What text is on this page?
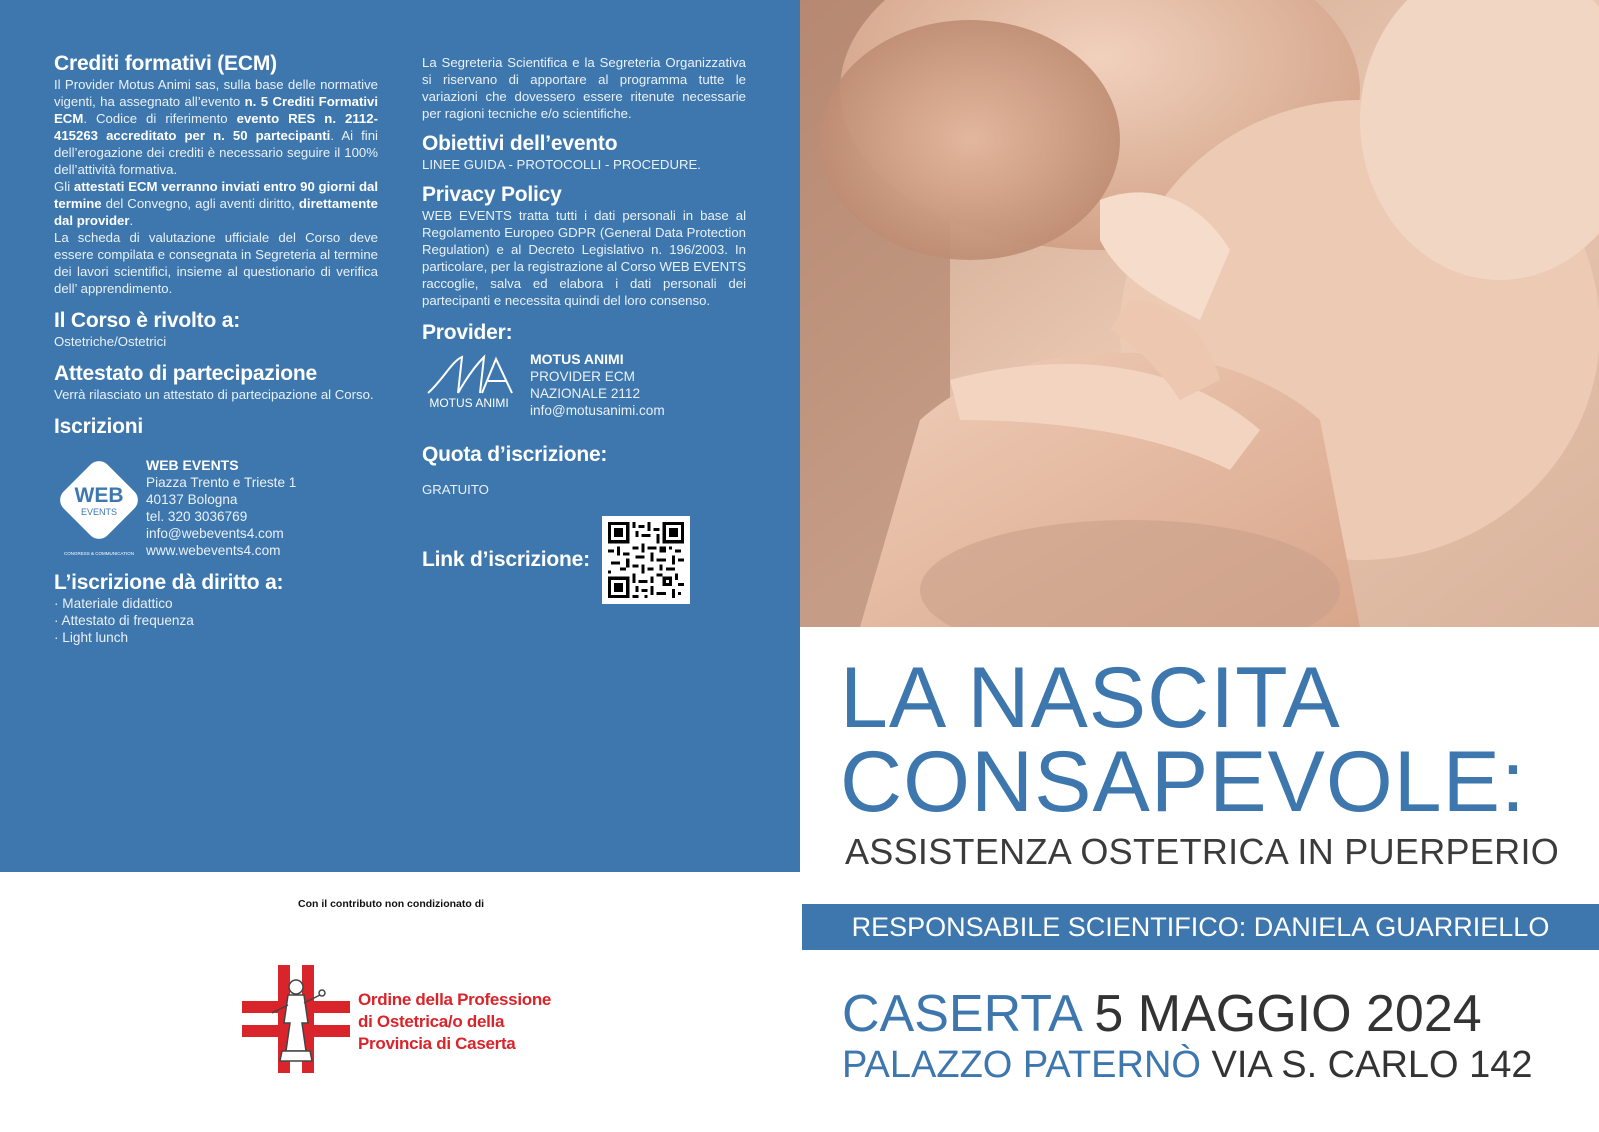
Crediti formativi (ECM)

Il Provider Motus Animi sas, sulla base delle normative vigenti, ha assegnato all’evento n. 5 Crediti Formativi ECM. Codice di riferimento evento RES n. 2112-415263 accreditato per n. 50 partecipanti. Ai fini dell’erogazione dei crediti è necessario seguire il 100% dell’attività formativa.

Gli attestati ECM verranno inviati entro 90 giorni dal termine del Convegno, agli aventi diritto, direttamente dal provider.

La scheda di valutazione ufficiale del Corso deve essere compilata e consegnata in Segreteria al termine dei lavori scientifici, insieme al questionario di verifica dell’ apprendimento.

Il Corso è rivolto a:

Ostetriche/Ostetrici

Attestato di partecipazione

Verrà rilasciato un attestato di partecipazione al Corso.

Iscrizioni
WEB
EVENTS
CONGRESS & COMMUNICATION
WEB EVENTS
Piazza Trento e Trieste 1
40137 Bologna
tel. 320 3036769
info@webevents4.com
www.webevents4.com
L’iscrizione dà diritto a:
· Materiale didattico
· Attestato di frequenza
· Light lunch

La Segreteria Scientifica e la Segreteria Organizzativa si riservano di apportare al programma tutte le variazioni che dovessero essere ritenute necessarie per ragioni tecniche e/o scientifiche.

Obiettivi dell’evento

LINEE GUIDA - PROTOCOLLI - PROCEDURE.

Privacy Policy

WEB EVENTS tratta tutti i dati personali in base al Regolamento Europeo GDPR (General Data Protection Regulation) e al Decreto Legislativo n. 196/2003. In particolare, per la registrazione al Corso WEB EVENTS raccoglie, salva ed elabora i dati personali dei partecipanti e necessita quindi del loro consenso.

Provider:
MOTUS ANIMI
MOTUS ANIMI
PROVIDER ECM
NAZIONALE 2112
info@motusanimi.com
Quota d’iscrizione:

GRATUITO

Link d’iscrizione:
LA NASCITA
CONSAPEVOLE:
ASSISTENZA OSTETRICA IN PUERPERIO
RESPONSABILE SCIENTIFICO: DANIELA GUARRIELLO
CASERTA 5 MAGGIO 2024
PALAZZO PATERNÒ VIA S. CARLO 142
Con il contributo non condizionato di
Ordine della Professione
di Ostetrica/o della
Provincia di Caserta
